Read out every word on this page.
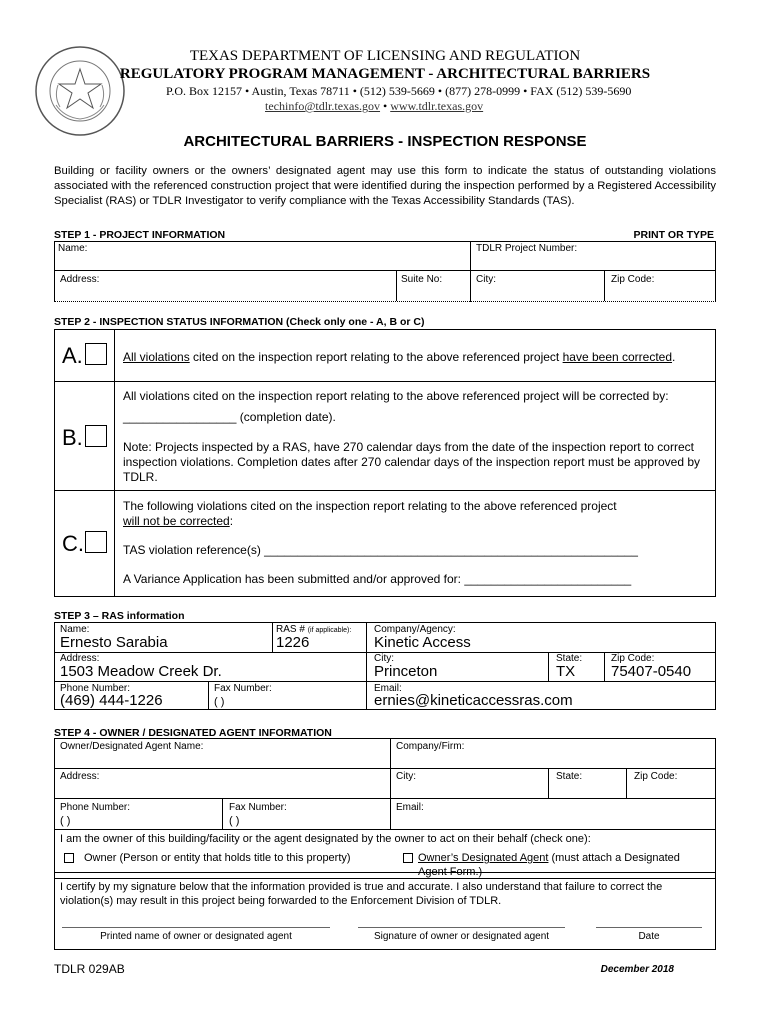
TEXAS DEPARTMENT OF LICENSING AND REGULATION
REGULATORY PROGRAM MANAGEMENT - ARCHITECTURAL BARRIERS
P.O. Box 12157 • Austin, Texas 78711 • (512) 539-5669 • (877) 278-0999 • FAX (512) 539-5690
techinfo@tdlr.texas.gov • www.tdlr.texas.gov
ARCHITECTURAL BARRIERS - INSPECTION RESPONSE
Building or facility owners or the owners’ designated agent may use this form to indicate the status of outstanding violations associated with the referenced construction project that were identified during the inspection performed by a Registered Accessibility Specialist (RAS) or TDLR Investigator to verify compliance with the Texas Accessibility Standards (TAS).
STEP 1 - PROJECT INFORMATION	PRINT OR TYPE
Name:	TDLR Project Number:
Address:	Suite No:	City:	Zip Code:
STEP 2 - INSPECTION STATUS INFORMATION (Check only one - A, B or C)
A.	All violations cited on the inspection report relating to the above referenced project have been corrected.
B.
All violations cited on the inspection report relating to the above referenced project will be corrected by:
_________________ (completion date).
Note: Projects inspected by a RAS, have 270 calendar days from the date of the inspection report to correct inspection violations. Completion dates after 270 calendar days of the inspection report must be approved by TDLR.
C.
The following violations cited on the inspection report relating to the above referenced project
will not be corrected:
TAS violation reference(s) ________________________________________________________
A Variance Application has been submitted and/or approved for: _________________________
STEP 3 – RAS information
Name:
Ernesto Sarabia
RAS # (if applicable):
1226
Company/Agency:
Kinetic Access
Address:
1503 Meadow Creek Dr.
City:
Princeton
State:
TX
Zip Code:
75407-0540
Phone Number:
(469) 444-1226
Fax Number:
( )
Email:
ernies@kineticaccessras.com
STEP 4 - OWNER / DESIGNATED AGENT INFORMATION
Owner/Designated Agent Name:	Company/Firm:
Address:	City:	State:	Zip Code:
Phone Number:
( )
Fax Number:
( )
Email:
I am the owner of this building/facility or the agent designated by the owner to act on their behalf (check one):
Owner (Person or entity that holds title to this property)	Owner’s Designated Agent (must attach a Designated
Agent Form.)
I certify by my signature below that the information provided is true and accurate. I also understand that failure to correct the violation(s) may result in this project being forwarded to the Enforcement Division of TDLR.
Printed name of owner or designated agent	Signature of owner or designated agent	Date
TDLR 029AB	December 2018
